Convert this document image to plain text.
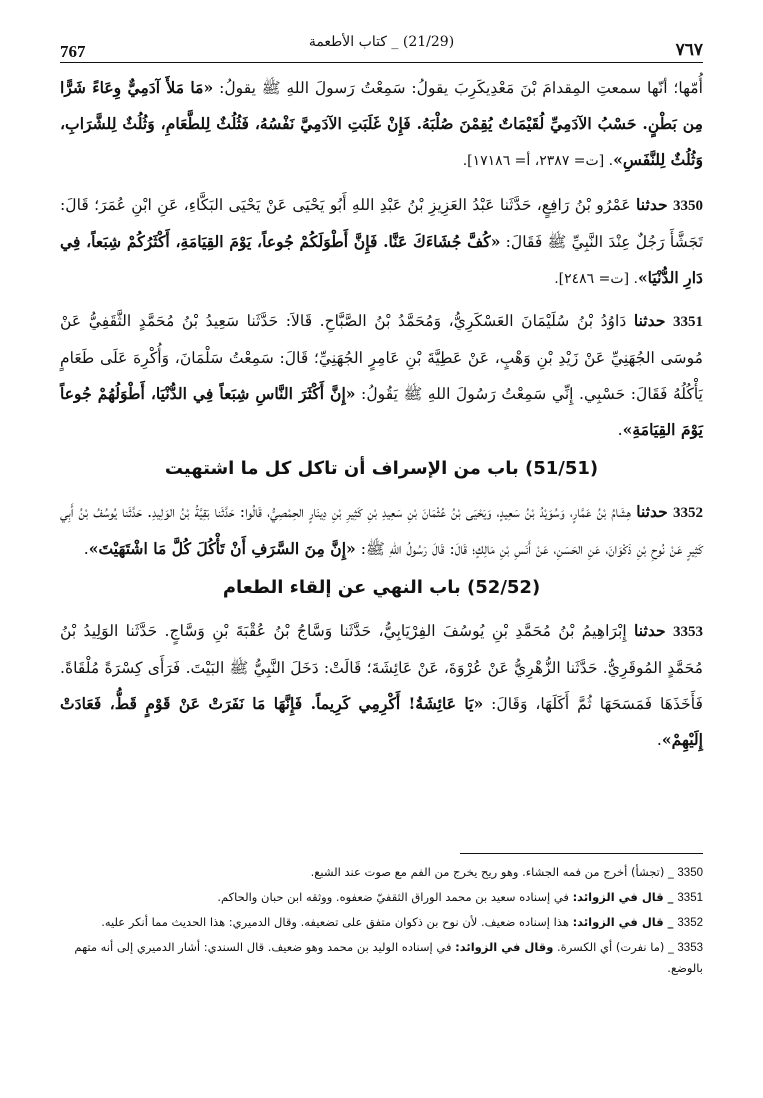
767	(21/29) _ كتاب الأطعمة	٧٦٧

أُمّها؛ أنّها سمعتِ المِقدامَ بْنَ مَعْدِيكَرِبَ يقولُ: سَمِعْتُ رَسولَ اللهِ ﷺ يقولُ: «مَا مَلأَ آدَمِيٌّ وِعَاءً شَرًّا مِن بَطْنٍ. حَسْبُ الآدَمِيِّ لُقَيْمَاتٌ يُقِمْنَ صُلْبَهُ. فَإِنْ غَلَبَتِ الآدَمِيَّ نَفْسُهُ، فَثُلُثٌ لِلطَّعَامِ، وَثُلُثٌ لِلشَّرَابِ، وَثُلُثٌ لِلنَّفَسِ». [ت= ٢٣٨٧، أ= ١٧١٨٦].

3350 حدثنا عَمْرُو بْنُ رَافِعٍ، حَدَّثَنا عَبْدُ العَزِيزِ بْنُ عَبْدِ اللهِ أَبُو يَحْيَى عَنْ يَحْيَى البَكَّاءِ، عَنِ ابْنِ عُمَرَ؛ قَالَ: تَجَشَّأَ رَجُلٌ عِنْدَ النَّبِيِّ ﷺ فَقَالَ: «كُفَّ جُشَاءَكَ عَنَّا. فَإِنَّ أَطْوَلَكُمْ جُوعاً، يَوْمَ القِيَامَةِ، أَكْثَرُكُمْ شِبَعاً، فِي دَارِ الدُّنْيَا». [ت= ٢٤٨٦].

3351 حدثنا دَاوُدُ بْنُ سُلَيْمَانَ العَسْكَرِيُّ، وَمُحَمَّدُ بْنُ الصَّبَّاحِ. قَالاَ: حَدَّثَنا سَعِيدُ بْنُ مُحَمَّدٍ الثَّقَفِيُّ عَنْ مُوسَى الجُهَنِيِّ عَنْ زَيْدِ بْنِ وَهْبٍ، عَنْ عَطِيَّةَ بْنِ عَامِرٍ الجُهَنِيِّ؛ قَالَ: سَمِعْتُ سَلْمَانَ، وَأُكْرِهَ عَلَى طَعَامٍ يَأْكُلُهُ فَقَالَ: حَسْبِي. إِنِّي سَمِعْتُ رَسُولَ اللهِ ﷺ يَقُولُ: «إِنَّ أَكْثَرَ النَّاسِ شِبَعاً فِي الدُّنْيَا، أَطْوَلُهُمْ جُوعاً يَوْمَ القِيَامَةِ».

(51/51) باب من الإسراف أن تاكل كل ما اشتهيت

3352 حدثنا هِشَامُ بْنُ عَمَّارٍ، وَسُوَيْدُ بْنُ سَعِيدٍ، وَيَحْيَى بْنُ عُثْمَانَ بْنِ سَعِيدِ بْنِ كَثِيرِ بْنِ دِينَارٍ الحِمْصِيُّ، قَالُوا: حَدَّثَنا بَقِيَّةُ بْنُ الوَلِيدِ. حَدَّثَنا يُوسُفُ بْنُ أَبِي كَثِيرٍ عَنْ نُوحِ بْنِ ذَكْوَانَ، عَنِ الحَسَنِ، عَنْ أَنَسِ بْنِ مَالِكٍ؛ قَالَ: قَالَ رَسُولُ اللهِ ﷺ: «إِنَّ مِنَ السَّرَفِ أَنْ تَأْكُلَ كُلَّ مَا اشْتَهَيْتَ».

(52/52) باب النهي عن إلقاء الطعام

3353 حدثنا إِبْرَاهِيمُ بْنُ مُحَمَّدِ بْنِ يُوسُفَ الفِرْيَابِيُّ، حَدَّثَنا وَسَّاجُ بْنُ عُقْبَةَ بْنِ وَسَّاجٍ. حَدَّثَنا الوَلِيدُ بْنُ مُحَمَّدٍ المُوقَرِيُّ. حَدَّثَنا الزُّهْرِيُّ عَنْ عُرْوَةَ، عَنْ عَائِشَةَ؛ قَالَتْ: دَخَلَ النَّبِيُّ ﷺ البَيْتَ. فَرَأَى كِسْرَةً مُلْقَاةً. فَأَخَذَهَا فَمَسَحَهَا ثُمَّ أَكَلَهَا، وَقَالَ: «يَا عَائِشَةُ! أَكْرِمِي كَرِيماً. فَإِنَّهَا مَا نَفَرَتْ عَنْ قَوْمٍ قَطُّ، فَعَادَتْ إِلَيْهِمْ».

3350 _ (تجشأ) أخرج من فمه الجشاء. وهو ريح يخرج من الفم مع صوت عند الشبع.

3351 _ قال في الزوائد: في إسناده سعيد بن محمد الوراق الثقفيّ ضعفوه. ووثقه ابن حبان والحاكم.

3352 _ قال في الزوائد: هذا إسناده ضعيف. لأن نوح بن ذكوان متفق على تضعيفه. وقال الدميري: هذا الحديث مما أنكر عليه.

3353 _ (ما نفرت) أي الكسرة. وقال في الزوائد: في إسناده الوليد بن محمد وهو ضعيف. قال السندي: أشار الدميري إلى أنه متهم بالوضع.
